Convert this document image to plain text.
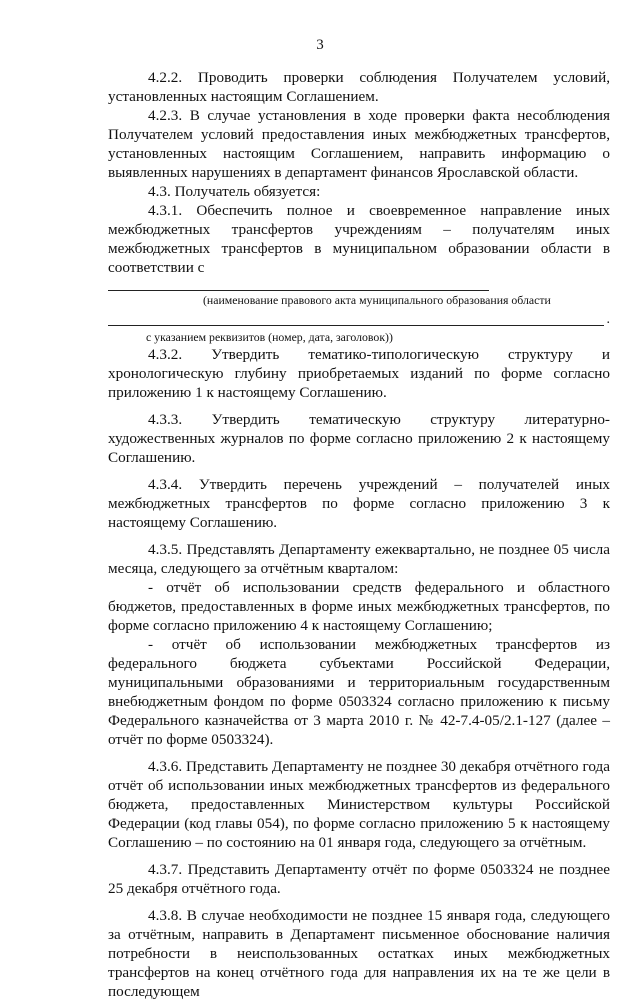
3

4.2.2. Проводить проверки соблюдения Получателем условий, установленных настоящим Соглашением.

4.2.3. В случае установления в ходе проверки факта несоблюдения Получателем условий предоставления иных межбюджетных трансфертов, установленных настоящим Соглашением, направить информацию о выявленных нарушениях в департамент финансов Ярославской области.

4.3. Получатель обязуется:

4.3.1. Обеспечить полное и своевременное направление иных межбюджетных трансфертов учреждениям – получателям иных межбюджетных трансфертов в муниципальном образовании области в соответствии с

(наименование правового акта муниципального образования области
.
с указанием реквизитов (номер, дата, заголовок))

4.3.2. Утвердить тематико-типологическую структуру и хронологическую глубину приобретаемых изданий по форме согласно приложению 1 к настоящему Соглашению.

4.3.3. Утвердить тематическую структуру литературно-художественных журналов по форме согласно приложению 2 к настоящему Соглашению.

4.3.4. Утвердить перечень учреждений – получателей иных межбюджетных трансфертов по форме согласно приложению 3 к настоящему Соглашению.

4.3.5. Представлять Департаменту ежеквартально, не позднее 05 числа месяца, следующего за отчётным кварталом:

- отчёт об использовании средств федерального и областного бюджетов, предоставленных в форме иных межбюджетных трансфертов, по форме согласно приложению 4 к настоящему Соглашению;

- отчёт об использовании межбюджетных трансфертов из федерального бюджета субъектами Российской Федерации, муниципальными образованиями и территориальным государственным внебюджетным фондом по форме 0503324 согласно приложению к письму Федерального казначейства от 3 марта 2010 г. № 42-7.4-05/2.1-127 (далее – отчёт по форме 0503324).

4.3.6. Представить Департаменту не позднее 30 декабря отчётного года отчёт об использовании иных межбюджетных трансфертов из федерального бюджета, предоставленных Министерством культуры Российской Федерации (код главы 054), по форме согласно приложению 5 к настоящему Соглашению – по состоянию на 01 января года, следующего за отчётным.

4.3.7. Представить Департаменту отчёт по форме 0503324 не позднее 25 декабря отчётного года.

4.3.8. В случае необходимости не позднее 15 января года, следующего за отчётным, направить в Департамент письменное обоснование наличия потребности в неиспользованных остатках иных межбюджетных трансфертов на конец отчётного года для направления их на те же цели в последующем
